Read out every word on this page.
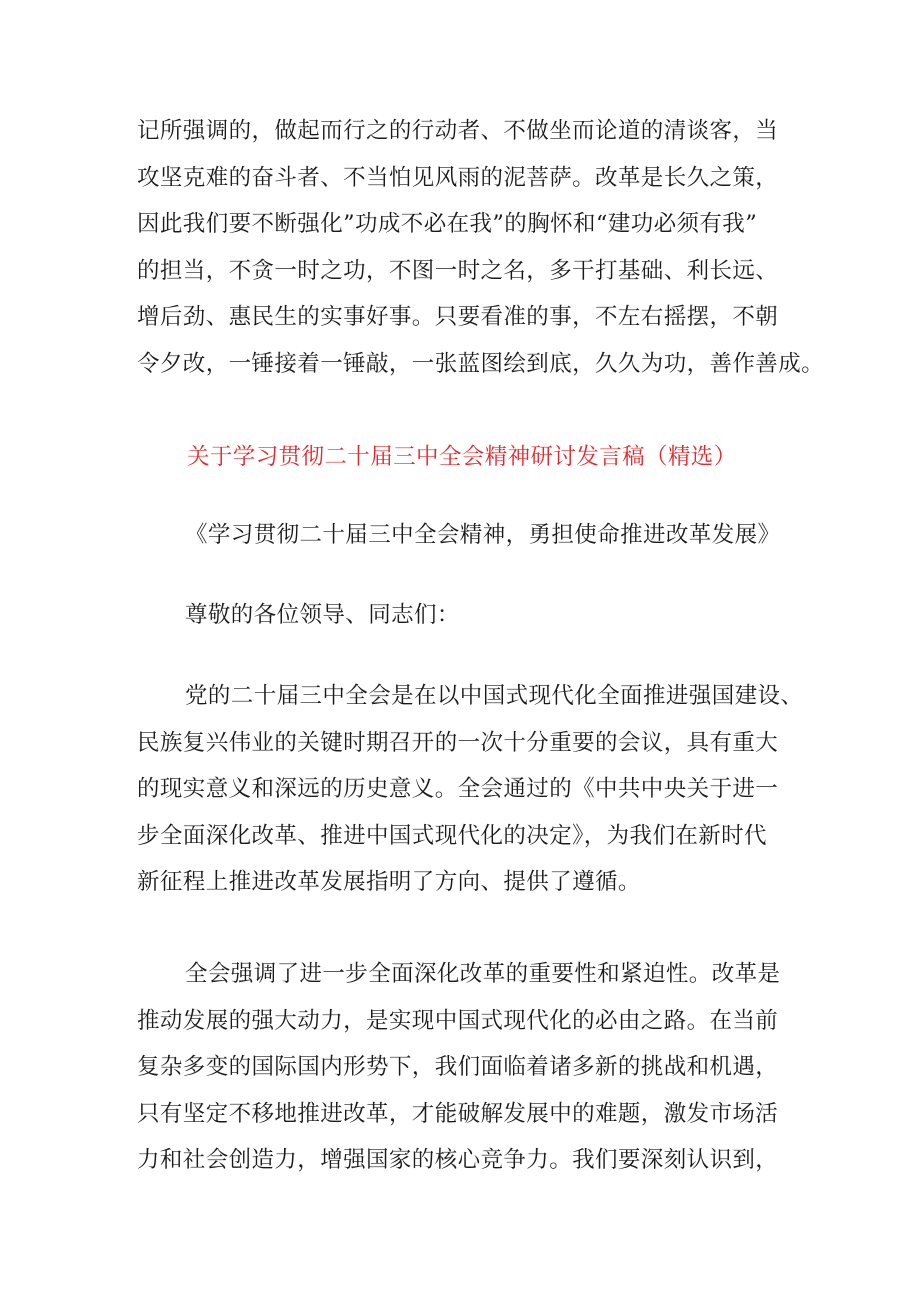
记所强调的，做起而行之的行动者、不做坐而论道的清谈客，当
攻坚克难的奋斗者、不当怕见风雨的泥菩萨。改革是长久之策，
因此我们要不断强化”功成不必在我”的胸怀和“建功必须有我”
的担当，不贪一时之功，不图一时之名，多干打基础、利长远、
增后劲、惠民生的实事好事。只要看准的事，不左右摇摆，不朝
令夕改，一锤接着一锤敲，一张蓝图绘到底，久久为功，善作善成。
关于学习贯彻二十届三中全会精神研讨发言稿（精选）
《学习贯彻二十届三中全会精神，勇担使命推进改革发展》
尊敬的各位领导、同志们：
党的二十届三中全会是在以中国式现代化全面推进强国建设、
民族复兴伟业的关键时期召开的一次十分重要的会议，具有重大
的现实意义和深远的历史意义。全会通过的《中共中央关于进一
步全面深化改革、推进中国式现代化的决定》，为我们在新时代
新征程上推进改革发展指明了方向、提供了遵循。
全会强调了进一步全面深化改革的重要性和紧迫性。改革是
推动发展的强大动力，是实现中国式现代化的必由之路。在当前
复杂多变的国际国内形势下，我们面临着诸多新的挑战和机遇，
只有坚定不移地推进改革，才能破解发展中的难题，激发市场活
力和社会创造力，增强国家的核心竞争力。我们要深刻认识到，
